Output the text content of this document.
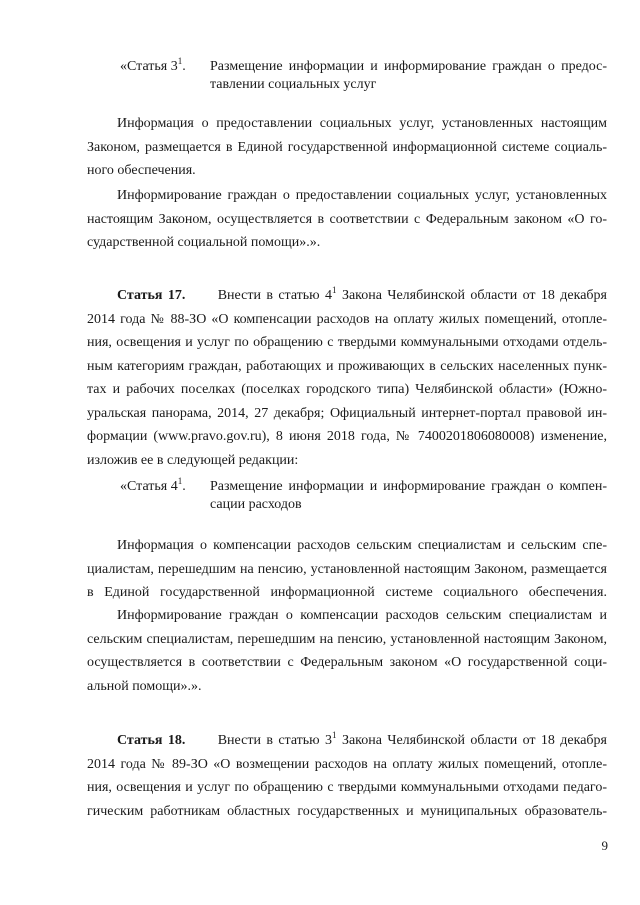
«Статья $3^1$. Размещение информации и информирование граждан о предос-
тавлении социальных услуг
Информация о предоставлении социальных услуг, установленных настоящим
Законом, размещается в Единой государственной информационной системе социаль-
ного обеспечения.
Информирование граждан о предоставлении социальных услуг, установленных
настоящим Законом, осуществляется в соответствии с Федеральным законом «О го-
сударственной социальной помощи».».
Статья 17. Внести в статью $4^1$ Закона Челябинской области от 18 декабря
2014 года № 88-ЗО «О компенсации расходов на оплату жилых помещений, отопле-
ния, освещения и услуг по обращению с твердыми коммунальными отходами отдель-
ным категориям граждан, работающих и проживающих в сельских населенных пунк-
тах и рабочих поселках (поселках городского типа) Челябинской области» (Южно-
уральская панорама, 2014, 27 декабря; Официальный интернет-портал правовой ин-
формации (www.pravo.gov.ru), 8 июня 2018 года, № 7400201806080008) изменение,
изложив ее в следующей редакции:
«Статья $4^1$. Размещение информации и информирование граждан о компен-
сации расходов
Информация о компенсации расходов сельским специалистам и сельским спе-
циалистам, перешедшим на пенсию, установленной настоящим Законом, размещается
в Единой государственной информационной системе социального обеспечения.
Информирование граждан о компенсации расходов сельским специалистам и
сельским специалистам, перешедшим на пенсию, установленной настоящим Законом,
осуществляется в соответствии с Федеральным законом «О государственной соци-
альной помощи».».
Статья 18. Внести в статью $3^1$ Закона Челябинской области от 18 декабря
2014 года № 89-ЗО «О возмещении расходов на оплату жилых помещений, отопле-
ния, освещения и услуг по обращению с твердыми коммунальными отходами педаго-
гическим работникам областных государственных и муниципальных образователь-
9
